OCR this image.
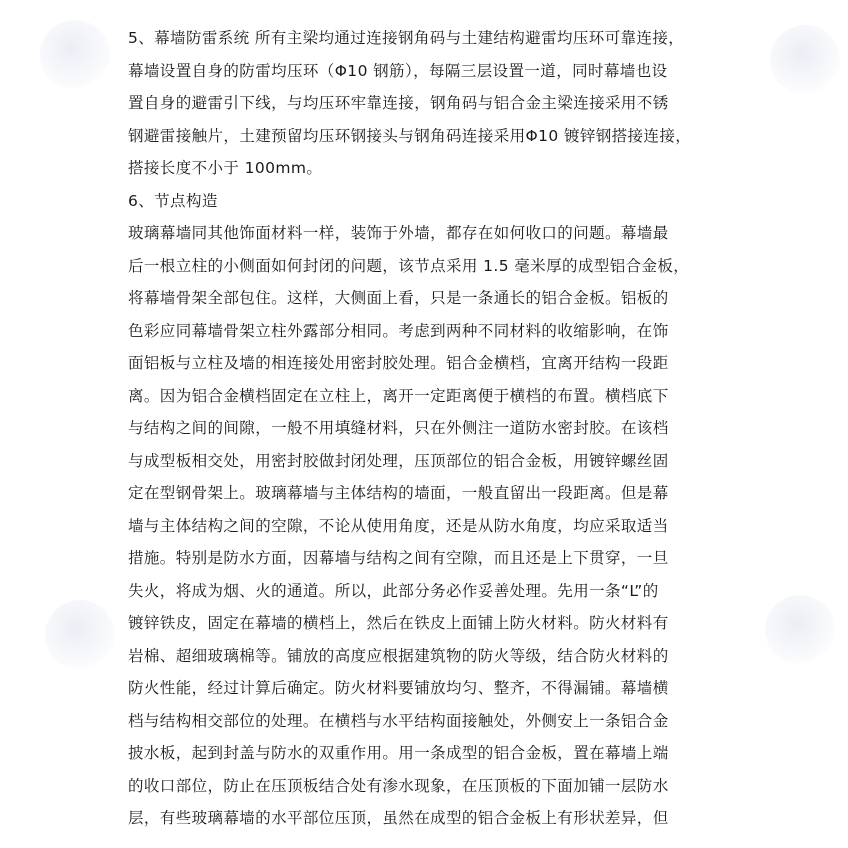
5、幕墙防雷系统 所有主梁均通过连接钢角码与土建结构避雷均压环可靠连接，
幕墙设置自身的防雷均压环（Φ10 钢筋），每隔三层设置一道，同时幕墙也设
置自身的避雷引下线，与均压环牢靠连接，钢角码与铝合金主梁连接采用不锈
钢避雷接触片，土建预留均压环钢接头与钢角码连接采用Φ10 镀锌钢搭接连接，
搭接长度不小于 100mm。
6、节点构造
玻璃幕墙同其他饰面材料一样，装饰于外墙，都存在如何收口的问题。幕墙最
后一根立柱的小侧面如何封闭的问题，该节点采用 1.5 毫米厚的成型铝合金板，
将幕墙骨架全部包住。这样，大侧面上看，只是一条通长的铝合金板。铝板的
色彩应同幕墙骨架立柱外露部分相同。考虑到两种不同材料的收缩影响，在饰
面铝板与立柱及墙的相连接处用密封胶处理。铝合金横档，宜离开结构一段距
离。因为铝合金横档固定在立柱上，离开一定距离便于横档的布置。横档底下
与结构之间的间隙，一般不用填缝材料，只在外侧注一道防水密封胶。在该档
与成型板相交处，用密封胶做封闭处理，压顶部位的铝合金板，用镀锌螺丝固
定在型钢骨架上。玻璃幕墙与主体结构的墙面，一般直留出一段距离。但是幕
墙与主体结构之间的空隙，不论从使用角度，还是从防水角度，均应采取适当
措施。特别是防水方面，因幕墙与结构之间有空隙，而且还是上下贯穿，一旦
失火，将成为烟、火的通道。所以，此部分务必作妥善处理。先用一条“L”的
镀锌铁皮，固定在幕墙的横档上，然后在铁皮上面铺上防火材料。防火材料有
岩棉、超细玻璃棉等。铺放的高度应根据建筑物的防火等级，结合防火材料的
防火性能，经过计算后确定。防火材料要铺放均匀、整齐，不得漏铺。幕墙横
档与结构相交部位的处理。在横档与水平结构面接触处，外侧安上一条铝合金
披水板，起到封盖与防水的双重作用。用一条成型的铝合金板，置在幕墙上端
的收口部位，防止在压顶板结合处有渗水现象，在压顶板的下面加铺一层防水
层，有些玻璃幕墙的水平部位压顶，虽然在成型的铝合金板上有形状差异，但
